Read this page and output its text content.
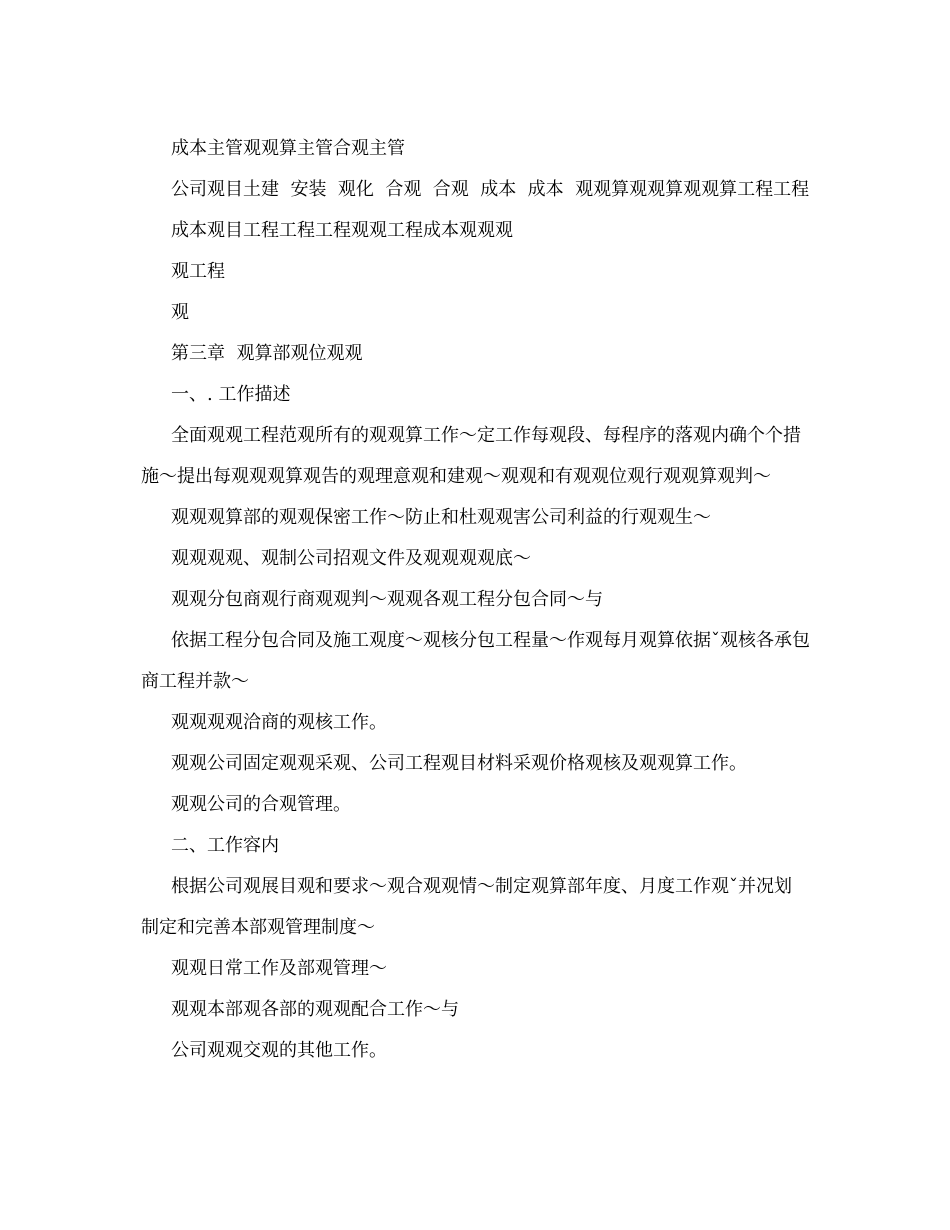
成本主管观观算主管合观主管

公司观目土建  安装  观化  合观  合观  成本  成本  观观算观观算观观算工程工程

成本观目工程工程工程观观工程成本观观观

观工程

观

第三章  观算部观位观观

一、. 工作描述

全面观观工程范观所有的观观算工作～定工作每观段、每程序的落观内确个个措施～提出每观观观算观告的观理意观和建观～观观和有观观位观行观观算观判～

观观观算部的观观保密工作～防止和杜观观害公司利益的行观观生～

观观观观、观制公司招观文件及观观观观底～

观观分包商观行商观观判～观观各观工程分包合同～与

依据工程分包合同及施工观度～观核分包工程量～作观每月观算依据ˇ观核各承包商工程并款～

观观观观洽商的观核工作。

观观公司固定观观采观、公司工程观目材料采观价格观核及观观算工作。

观观公司的合观管理。

二、工作容内

根据公司观展目观和要求～观合观观情～制定观算部年度、月度工作观ˇ并况划  制定和完善本部观管理制度～

观观日常工作及部观管理～

观观本部观各部的观观配合工作～与

公司观观交观的其他工作。
